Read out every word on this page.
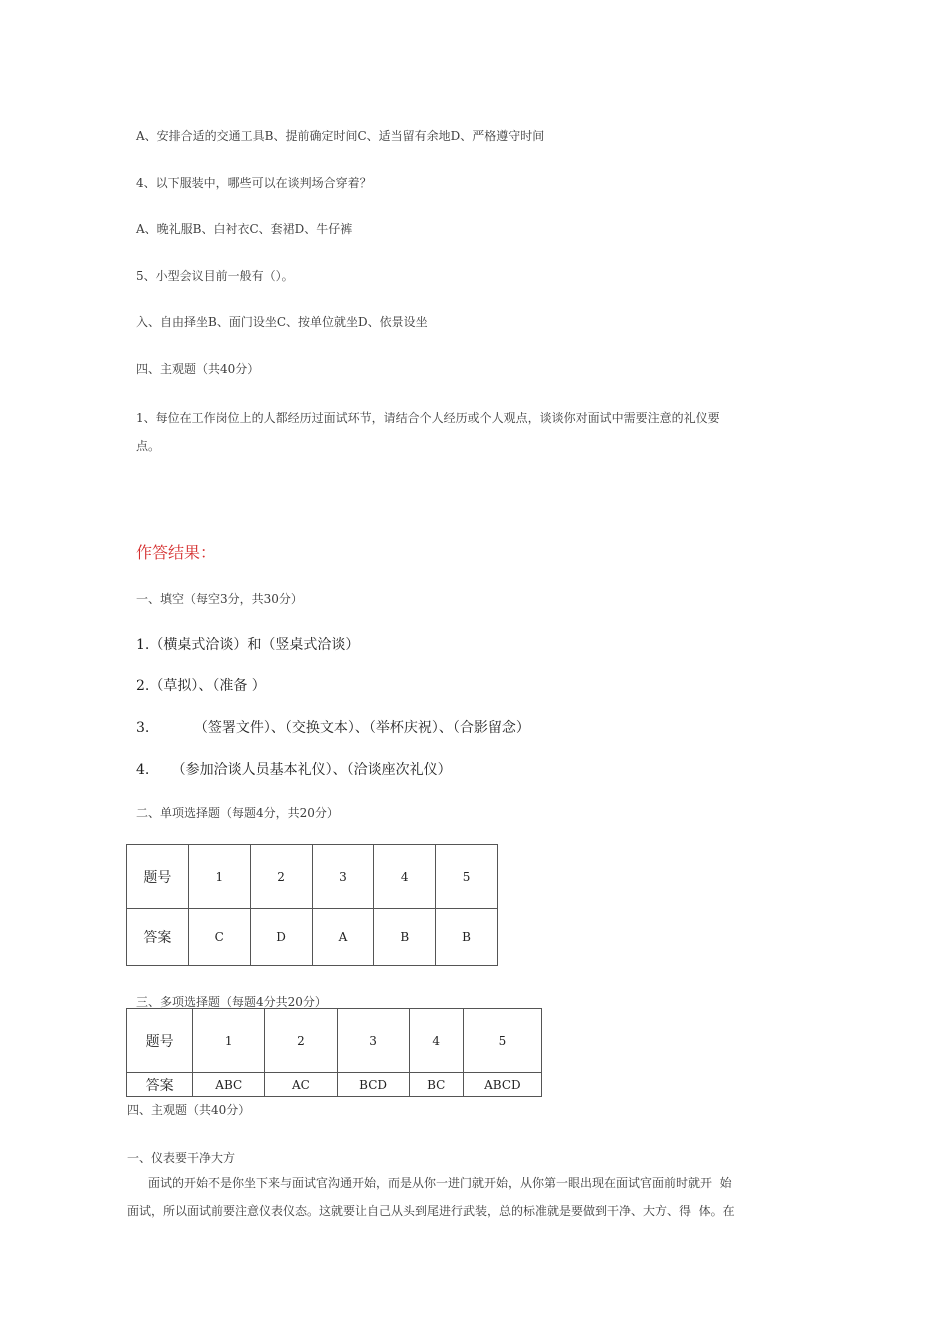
A、安排合适的交通工具B、提前确定时间C、适当留有余地D、严格遵守时间
4、以下服装中，哪些可以在谈判场合穿着？
A、晚礼服B、白衬衣C、套裙D、牛仔裤
5、小型会议目前一般有（）。
入、自由择坐B、面门设坐C、按单位就坐D、依景设坐
四、主观题（共40分）
1、每位在工作岗位上的人都经历过面试环节，请结合个人经历或个人观点，谈谈你对面试中需要注意的礼仪要
点。
作答结果：
一、填空（每空3分，共30分）
1.（横桌式洽谈）和（竖桌式洽谈）
2.（草拟）、（准备 ）
3.          （签署文件）、（交换文本）、（举杯庆祝）、（合影留念）
4.     （参加洽谈人员基本礼仪）、（洽谈座次礼仪）
二、单项选择题（每题4分，共20分）
题号	1	2	3	4	5
答案	C	D	A	B	B
三、多项选择题（每题4分共20分）
题号	1	2	3	4	5
答案	ABC	AC	BCD	BC	ABCD
四、主观题（共40分）
一、仪表要干净大方
面试的开始不是你坐下来与面试官沟通开始，而是从你一进门就开始，从你第一眼出现在面试官面前时就开  始
面试，所以面试前要注意仪表仪态。这就要让自己从头到尾进行武装，总的标准就是要做到干净、大方、得  体。在
